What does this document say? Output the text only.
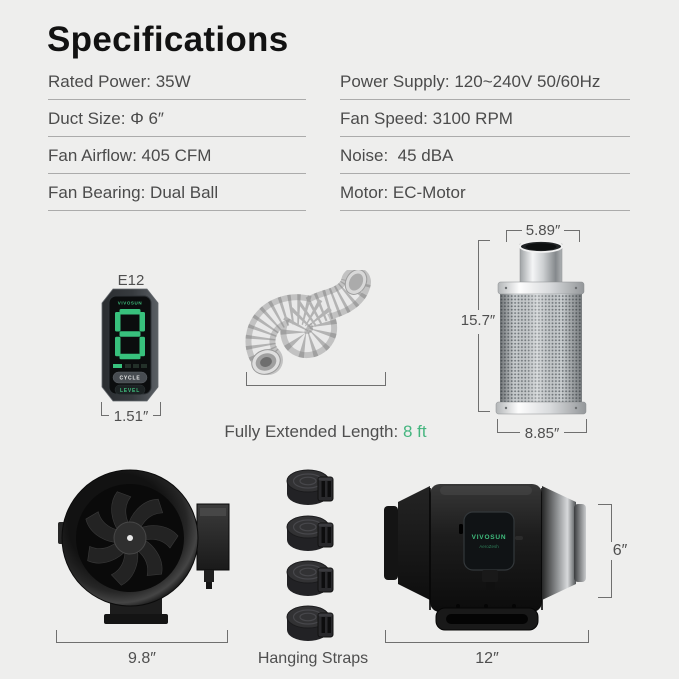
Specifications
Rated Power: 35W
Duct Size: Φ 6″
Fan Airflow: 405 CFM
Fan Bearing: Dual Ball
Power Supply: 120~240V 50/60Hz
Fan Speed: 3100 RPM
Noise:  45 dBA
Motor: EC-Motor
E12
VIVOSUN
CYCLE
LEVEL
1.51″

Fully Extended Length: 8 ft

5.89″
15.7″
8.85″
9.8″	Hanging Straps
VIVOSUN
AeroZesh
12″
6″
